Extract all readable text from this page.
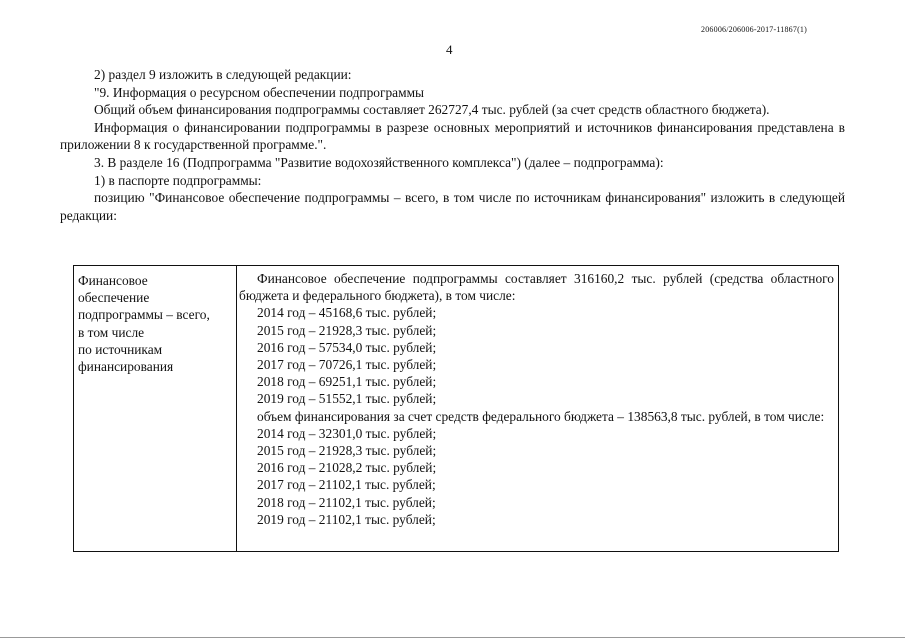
206006/206006-2017-11867(1)
4

2) раздел 9 изложить в следующей редакции:

"9. Информация о ресурсном обеспечении подпрограммы

Общий объем финансирования подпрограммы составляет 262727,4 тыс. рублей (за счет средств областного бюджета).

Информация о финансировании подпрограммы в разрезе основных мероприятий и источников финансирования представлена в приложении 8 к государственной программе.".

3. В разделе 16 (Подпрограмма "Развитие водохозяйственного комплекса") (далее – подпрограмма):

1) в паспорте подпрограммы:

позицию "Финансовое обеспечение подпрограммы – всего, в том числе по источникам финансирования" изложить в следующей редакции:

Финансовое
обеспечение
подпрограммы – всего,
в том числе
по источникам
финансирования

Финансовое обеспечение подпрограммы составляет 316160,2 тыс. рублей (средства областного бюджета и федерального бюджета), в том числе:

2014 год – 45168,6 тыс. рублей;
2015 год – 21928,3 тыс. рублей;
2016 год – 57534,0 тыс. рублей;
2017 год – 70726,1 тыс. рублей;
2018 год – 69251,1 тыс. рублей;
2019 год – 51552,1 тыс. рублей;

объем финансирования за счет средств федерального бюджета – 138563,8 тыс. рублей, в том числе:

2014 год – 32301,0 тыс. рублей;
2015 год – 21928,3 тыс. рублей;
2016 год – 21028,2 тыс. рублей;
2017 год – 21102,1 тыс. рублей;
2018 год – 21102,1 тыс. рублей;
2019 год – 21102,1 тыс. рублей;
